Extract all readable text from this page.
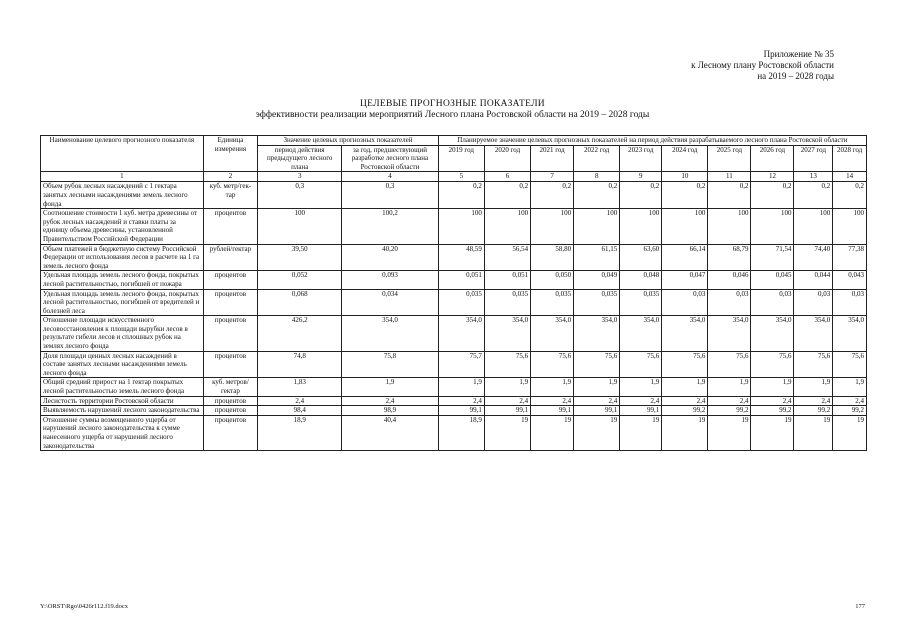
Приложение № 35
к Лесному плану Ростовской области
на 2019 – 2028 годы
ЦЕЛЕВЫЕ ПРОГНОЗНЫЕ ПОКАЗАТЕЛИ
эффективности реализации мероприятий Лесного плана Ростовской области на 2019 – 2028 годы
Наименование целевого прогнозного показателя	Единица измерения	Значение целевых прогнозных показателей		Планируемое значение целевых прогнозных показателей на период действия разрабатываемого лесного плана Ростовской области									
		период действия предыдущего лесного плана	за год, предшествующий разработке лесного плана Ростовской области	2019 год	2020 год	2021 год	2022 год	2023 год	2024 год	2025 год	2026 год	2027 год	2028 год
1	2	3	4	5	6	7	8	9	10	11	12	13	14
Объем рубок лесных насаждений с 1 гектара занятых лесными насаждениями земель лесного фонда	куб. метр/гек-тар	0,3	0,3	0,2	0,2	0,2	0,2	0,2	0,2	0,2	0,2	0,2	0,2
Соотношение стоимости 1 куб. метра древесины от рубок лесных насаждений и ставки платы за единицу объема древесины, установленной Правительством Российской Федерации	процентов	100	100,2	100	100	100	100	100	100	100	100	100	100
Объем платежей в бюджетную систему Российской Федерации от использования лесов в расчете на 1 га земель лесного фонда	рублей/гектар	39,50	40,20	48,59	56,54	58,80	61,15	63,60	66,14	68,79	71,54	74,40	77,38
Удельная площадь земель лесного фонда, покрытых лесной растительностью, погибшей от пожара	процентов	0,052	0,093	0,051	0,051	0,050	0,049	0,048	0,047	0,046	0,045	0,044	0,043
Удельная площадь земель лесного фонда, покрытых лесной растительностью, погибшей от вредителей и болезней леса	процентов	0,068	0,034	0,035	0,035	0,035	0,035	0,035	0,03	0,03	0,03	0,03	0,03
Отношение площади искусственного лесовосстановления к площади вырубки лесов в результате гибели лесов и сплошных рубок на землях лесного фонда	процентов	426,2	354,0	354,0	354,0	354,0	354,0	354,0	354,0	354,0	354,0	354,0	354,0
Доля площади ценных лесных насаждений в составе занятых лесными насаждениями земель лесного фонда	процентов	74,8	75,8	75,7	75,6	75,6	75,6	75,6	75,6	75,6	75,6	75,6	75,6
Общий средний прирост на 1 гектар покрытых лесной растительностью земель лесного фонда	куб. метров/гектар	1,83	1,9	1,9	1,9	1,9	1,9	1,9	1,9	1,9	1,9	1,9	1,9
Лесистость территории Ростовской области	процентов	2,4	2,4	2,4	2,4	2,4	2,4	2,4	2,4	2,4	2,4	2,4	2,4
Выявляемость нарушений лесного законодательства	процентов	98,4	98,9	99,1	99,1	99,1	99,1	99,1	99,2	99,2	99,2	99,2	99,2
Отношение суммы возмещенного ущерба от нарушений лесного законодательства к сумме нанесенного ущерба от нарушений лесного законодательства	процентов	18,9	40,4	18,9	19	19	19	19	19	19	19	19	19
Y:\ORST\Rgo\0426r112.f19.docx	177
